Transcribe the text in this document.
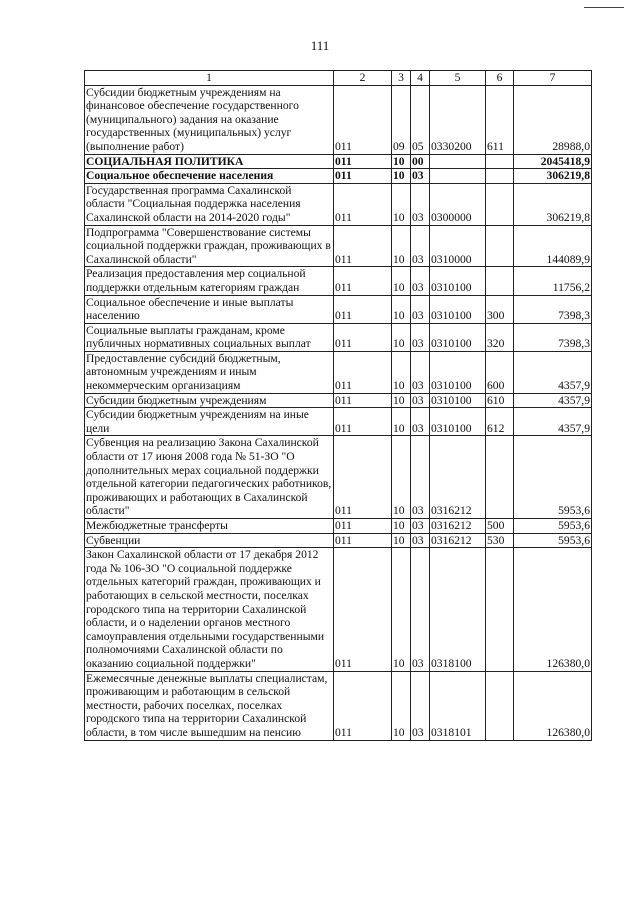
111
1	2	3	4	5	6	7
Субсидии бюджетным учреждениям на финансовое обеспечение государственного (муниципального) задания на оказание государственных (муниципальных) услуг (выполнение работ)	011	09	05	0330200	611	28988,0
СОЦИАЛЬНАЯ ПОЛИТИКА	011	10	00			2045418,9
Социальное обеспечение населения	011	10	03			306219,8
Государственная программа Сахалинской области "Социальная поддержка населения Сахалинской области на 2014-2020 годы"	011	10	03	0300000		306219,8
Подпрограмма "Совершенствование системы социальной поддержки граждан, проживающих в Сахалинской области"	011	10	03	0310000		144089,9
Реализация предоставления мер социальной поддержки отдельным категориям граждан	011	10	03	0310100		11756,2
Социальное обеспечение и иные выплаты населению	011	10	03	0310100	300	7398,3
Социальные выплаты гражданам, кроме публичных нормативных социальных выплат	011	10	03	0310100	320	7398,3
Предоставление субсидий бюджетным, автономным учреждениям и иным некоммерческим организациям	011	10	03	0310100	600	4357,9
Субсидии бюджетным учреждениям	011	10	03	0310100	610	4357,9
Субсидии бюджетным учреждениям на иные цели	011	10	03	0310100	612	4357,9
Субвенция на реализацию Закона Сахалинской области от 17 июня 2008 года № 51-ЗО "О дополнительных мерах социальной поддержки отдельной категории педагогических работников, проживающих и работающих в Сахалинской области"	011	10	03	0316212		5953,6
Межбюджетные трансферты	011	10	03	0316212	500	5953,6
Субвенции	011	10	03	0316212	530	5953,6
Закон Сахалинской области от 17 декабря 2012 года № 106-ЗО "О социальной поддержке отдельных категорий граждан, проживающих и работающих в сельской местности, поселках городского типа на территории Сахалинской области, и о наделении органов местного самоуправления отдельными государственными полномочиями Сахалинской области по оказанию социальной поддержки"	011	10	03	0318100		126380,0
Ежемесячные денежные выплаты специалистам, проживающим и работающим в сельской местности, рабочих поселках, поселках городского типа на территории Сахалинской области, в том числе вышедшим на пенсию	011	10	03	0318101		126380,0
